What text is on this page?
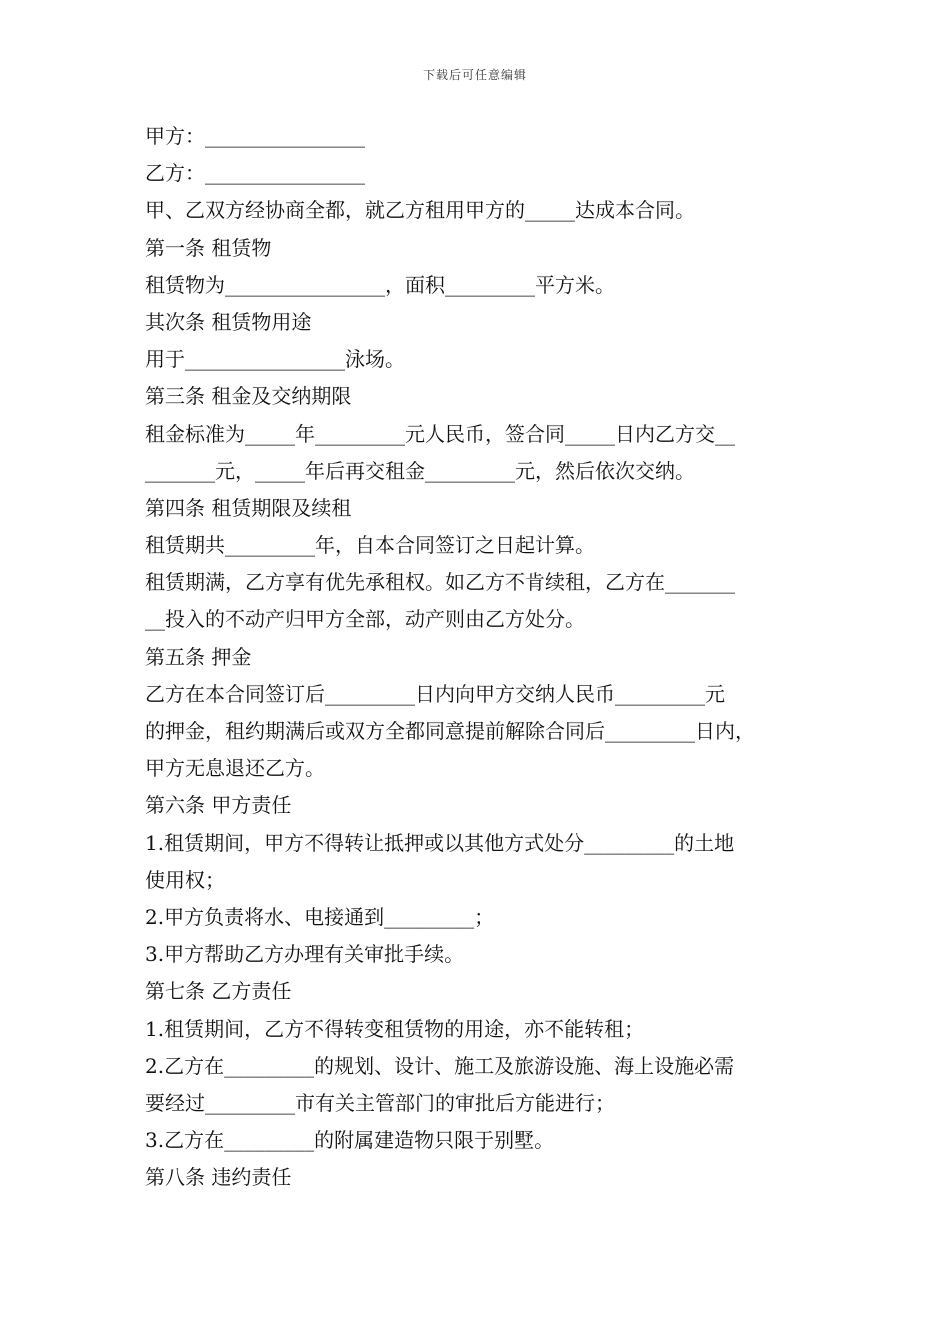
下载后可任意编辑
甲方：________________
乙方：________________
甲、乙双方经协商全都，就乙方租用甲方的_____达成本合同。
第一条 租赁物
租赁物为________________，面积_________平方米。
其次条 租赁物用途
用于________________泳场。
第三条 租金及交纳期限
租金标准为_____年_________元人民币，签合同_____日内乙方交__
_______元，_____年后再交租金_________元，然后依次交纳。
第四条 租赁期限及续租
租赁期共_________年，自本合同签订之日起计算。
租赁期满，乙方享有优先承租权。如乙方不肯续租，乙方在_______
__投入的不动产归甲方全部，动产则由乙方处分。
第五条 押金
乙方在本合同签订后_________日内向甲方交纳人民币_________元
的押金，租约期满后或双方全都同意提前解除合同后_________日内，
甲方无息退还乙方。
第六条 甲方责任
1.租赁期间，甲方不得转让抵押或以其他方式处分_________的土地
使用权；
2.甲方负责将水、电接通到_________；
3.甲方帮助乙方办理有关审批手续。
第七条 乙方责任
1.租赁期间，乙方不得转变租赁物的用途，亦不能转租；
2.乙方在_________的规划、设计、施工及旅游设施、海上设施必需
要经过_________市有关主管部门的审批后方能进行；
3.乙方在_________的附属建造物只限于别墅。
第八条 违约责任
